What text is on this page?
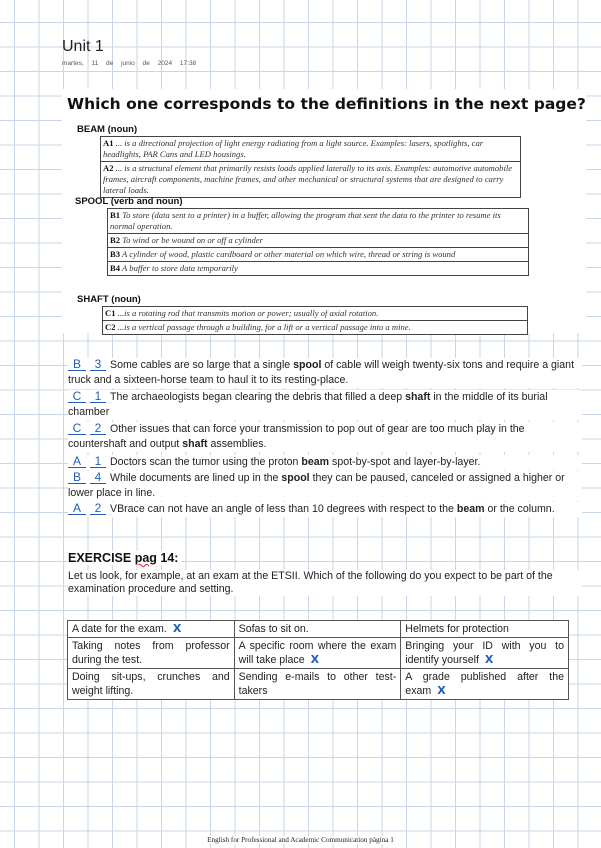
Unit 1
martes, 11 de junio de 2024 17:38
Which one corresponds to the definitions in the next page?
BEAM (noun)
A1 ... is a directional projection of light energy radiating from a light source. Examples: lasers, spotlights, car headlights, PAR Cans and LED housings.
A2 ... is a structural element that primarily resists loads applied laterally to its axis. Examples: automotive automobile frames, aircraft components, machine frames, and other mechanical or structural systems that are designed to carry lateral loads.
SPOOL (verb and noun)
B1 To store (data sent to a printer) in a buffer, allowing the program that sent the data to the printer to resume its normal operation.
B2 To wind or be wound on or off a cylinder
B3 A cylinder of wood, plastic cardboard or other material on which wire, thread or string is wound
B4 A buffer to store data temporarily
SHAFT (noun)
C1 ...is a rotating rod that transmits motion or power; usually of axial rotation.
C2 ...is a vertical passage through a building, for a lift or a vertical passage into a mine.
B 3 Some cables are so large that a single spool of cable will weigh twenty-six tons and require a giant truck and a sixteen-horse team to haul it to its resting-place.
C 1 The archaeologists began clearing the debris that filled a deep shaft in the middle of its burial chamber
C 2 Other issues that can force your transmission to pop out of gear are too much play in the countershaft and output shaft assemblies.
A 1 Doctors scan the tumor using the proton beam spot-by-spot and layer-by-layer.
B 4 While documents are lined up in the spool they can be paused, canceled or assigned a higher or lower place in line.
A 2 VBrace can not have an angle of less than 10 degrees with respect to the beam or the column.
EXERCISE pag 14:
Let us look, for example, at an exam at the ETSII. Which of the following do you expect to be part of the examination procedure and setting.
A date for the exam. X	Sofas to sit on.	Helmets for protection
Taking notes from professor during the test.	A specific room where the exam will take place X	Bringing your ID with you to identify yourself X
Doing sit-ups, crunches and weight lifting.	Sending e-mails to other test-takers	A grade published after the exam X
English for Professional and Academic Communication página 1
